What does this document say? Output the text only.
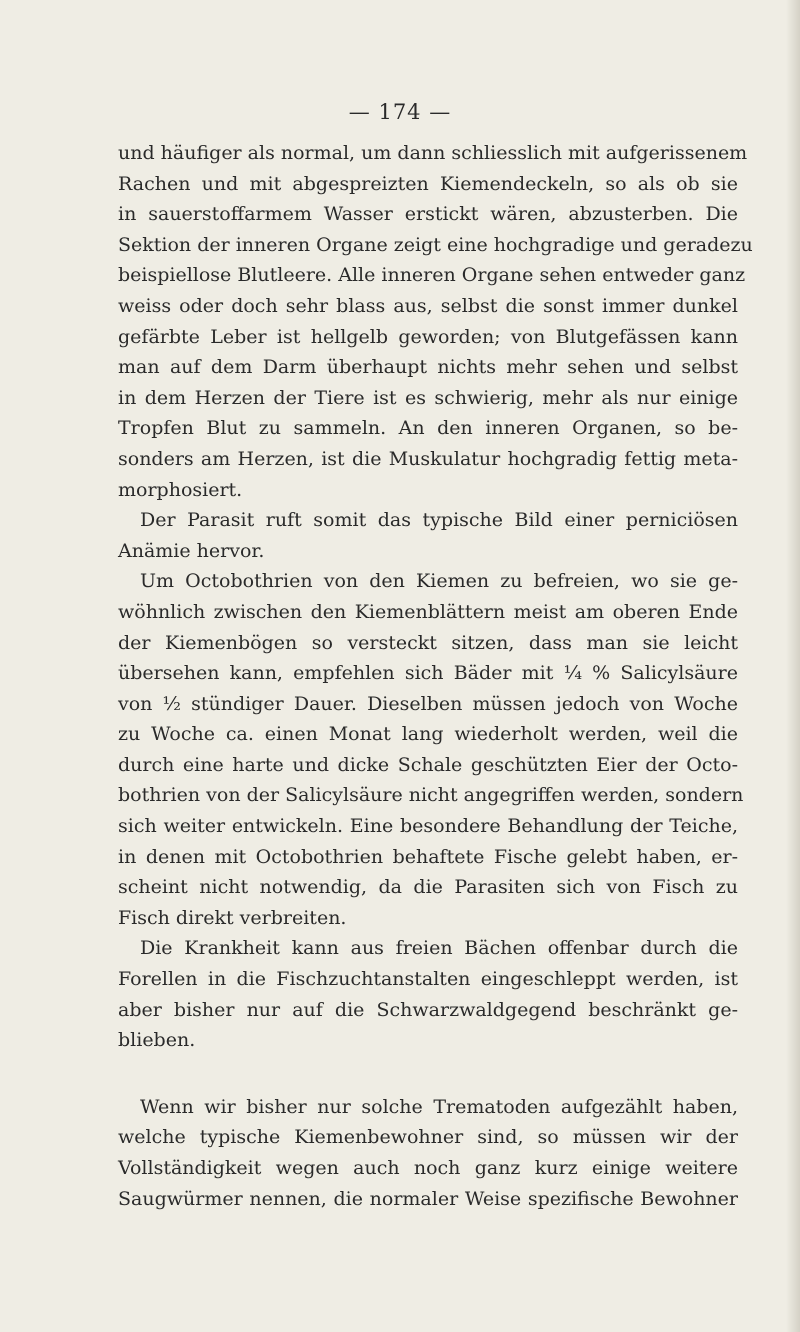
— 174 —

und häufiger als normal, um dann schliesslich mit aufgerissenem
Rachen und mit abgespreizten Kiemendeckeln, so als ob sie
in sauerstoffarmem Wasser erstickt wären, abzusterben. Die
Sektion der inneren Organe zeigt eine hochgradige und geradezu
beispiellose Blutleere. Alle inneren Organe sehen entweder ganz
weiss oder doch sehr blass aus, selbst die sonst immer dunkel
gefärbte Leber ist hellgelb geworden; von Blutgefässen kann
man auf dem Darm überhaupt nichts mehr sehen und selbst
in dem Herzen der Tiere ist es schwierig, mehr als nur einige
Tropfen Blut zu sammeln. An den inneren Organen, so be-
sonders am Herzen, ist die Muskulatur hochgradig fettig meta-
morphosiert.

Der Parasit ruft somit das typische Bild einer perniciösen
Anämie hervor.

Um Octobothrien von den Kiemen zu befreien, wo sie ge-
wöhnlich zwischen den Kiemenblättern meist am oberen Ende
der Kiemenbögen so versteckt sitzen, dass man sie leicht
übersehen kann, empfehlen sich Bäder mit ¼ % Salicylsäure
von ½ stündiger Dauer. Dieselben müssen jedoch von Woche
zu Woche ca. einen Monat lang wiederholt werden, weil die
durch eine harte und dicke Schale geschützten Eier der Octo-
bothrien von der Salicylsäure nicht angegriffen werden, sondern
sich weiter entwickeln. Eine besondere Behandlung der Teiche,
in denen mit Octobothrien behaftete Fische gelebt haben, er-
scheint nicht notwendig, da die Parasiten sich von Fisch zu
Fisch direkt verbreiten.

Die Krankheit kann aus freien Bächen offenbar durch die
Forellen in die Fischzuchtanstalten eingeschleppt werden, ist
aber bisher nur auf die Schwarzwaldgegend beschränkt ge-
blieben.

Wenn wir bisher nur solche Trematoden aufgezählt haben,
welche typische Kiemenbewohner sind, so müssen wir der
Vollständigkeit wegen auch noch ganz kurz einige weitere
Saugwürmer nennen, die normaler Weise spezifische Bewohner
